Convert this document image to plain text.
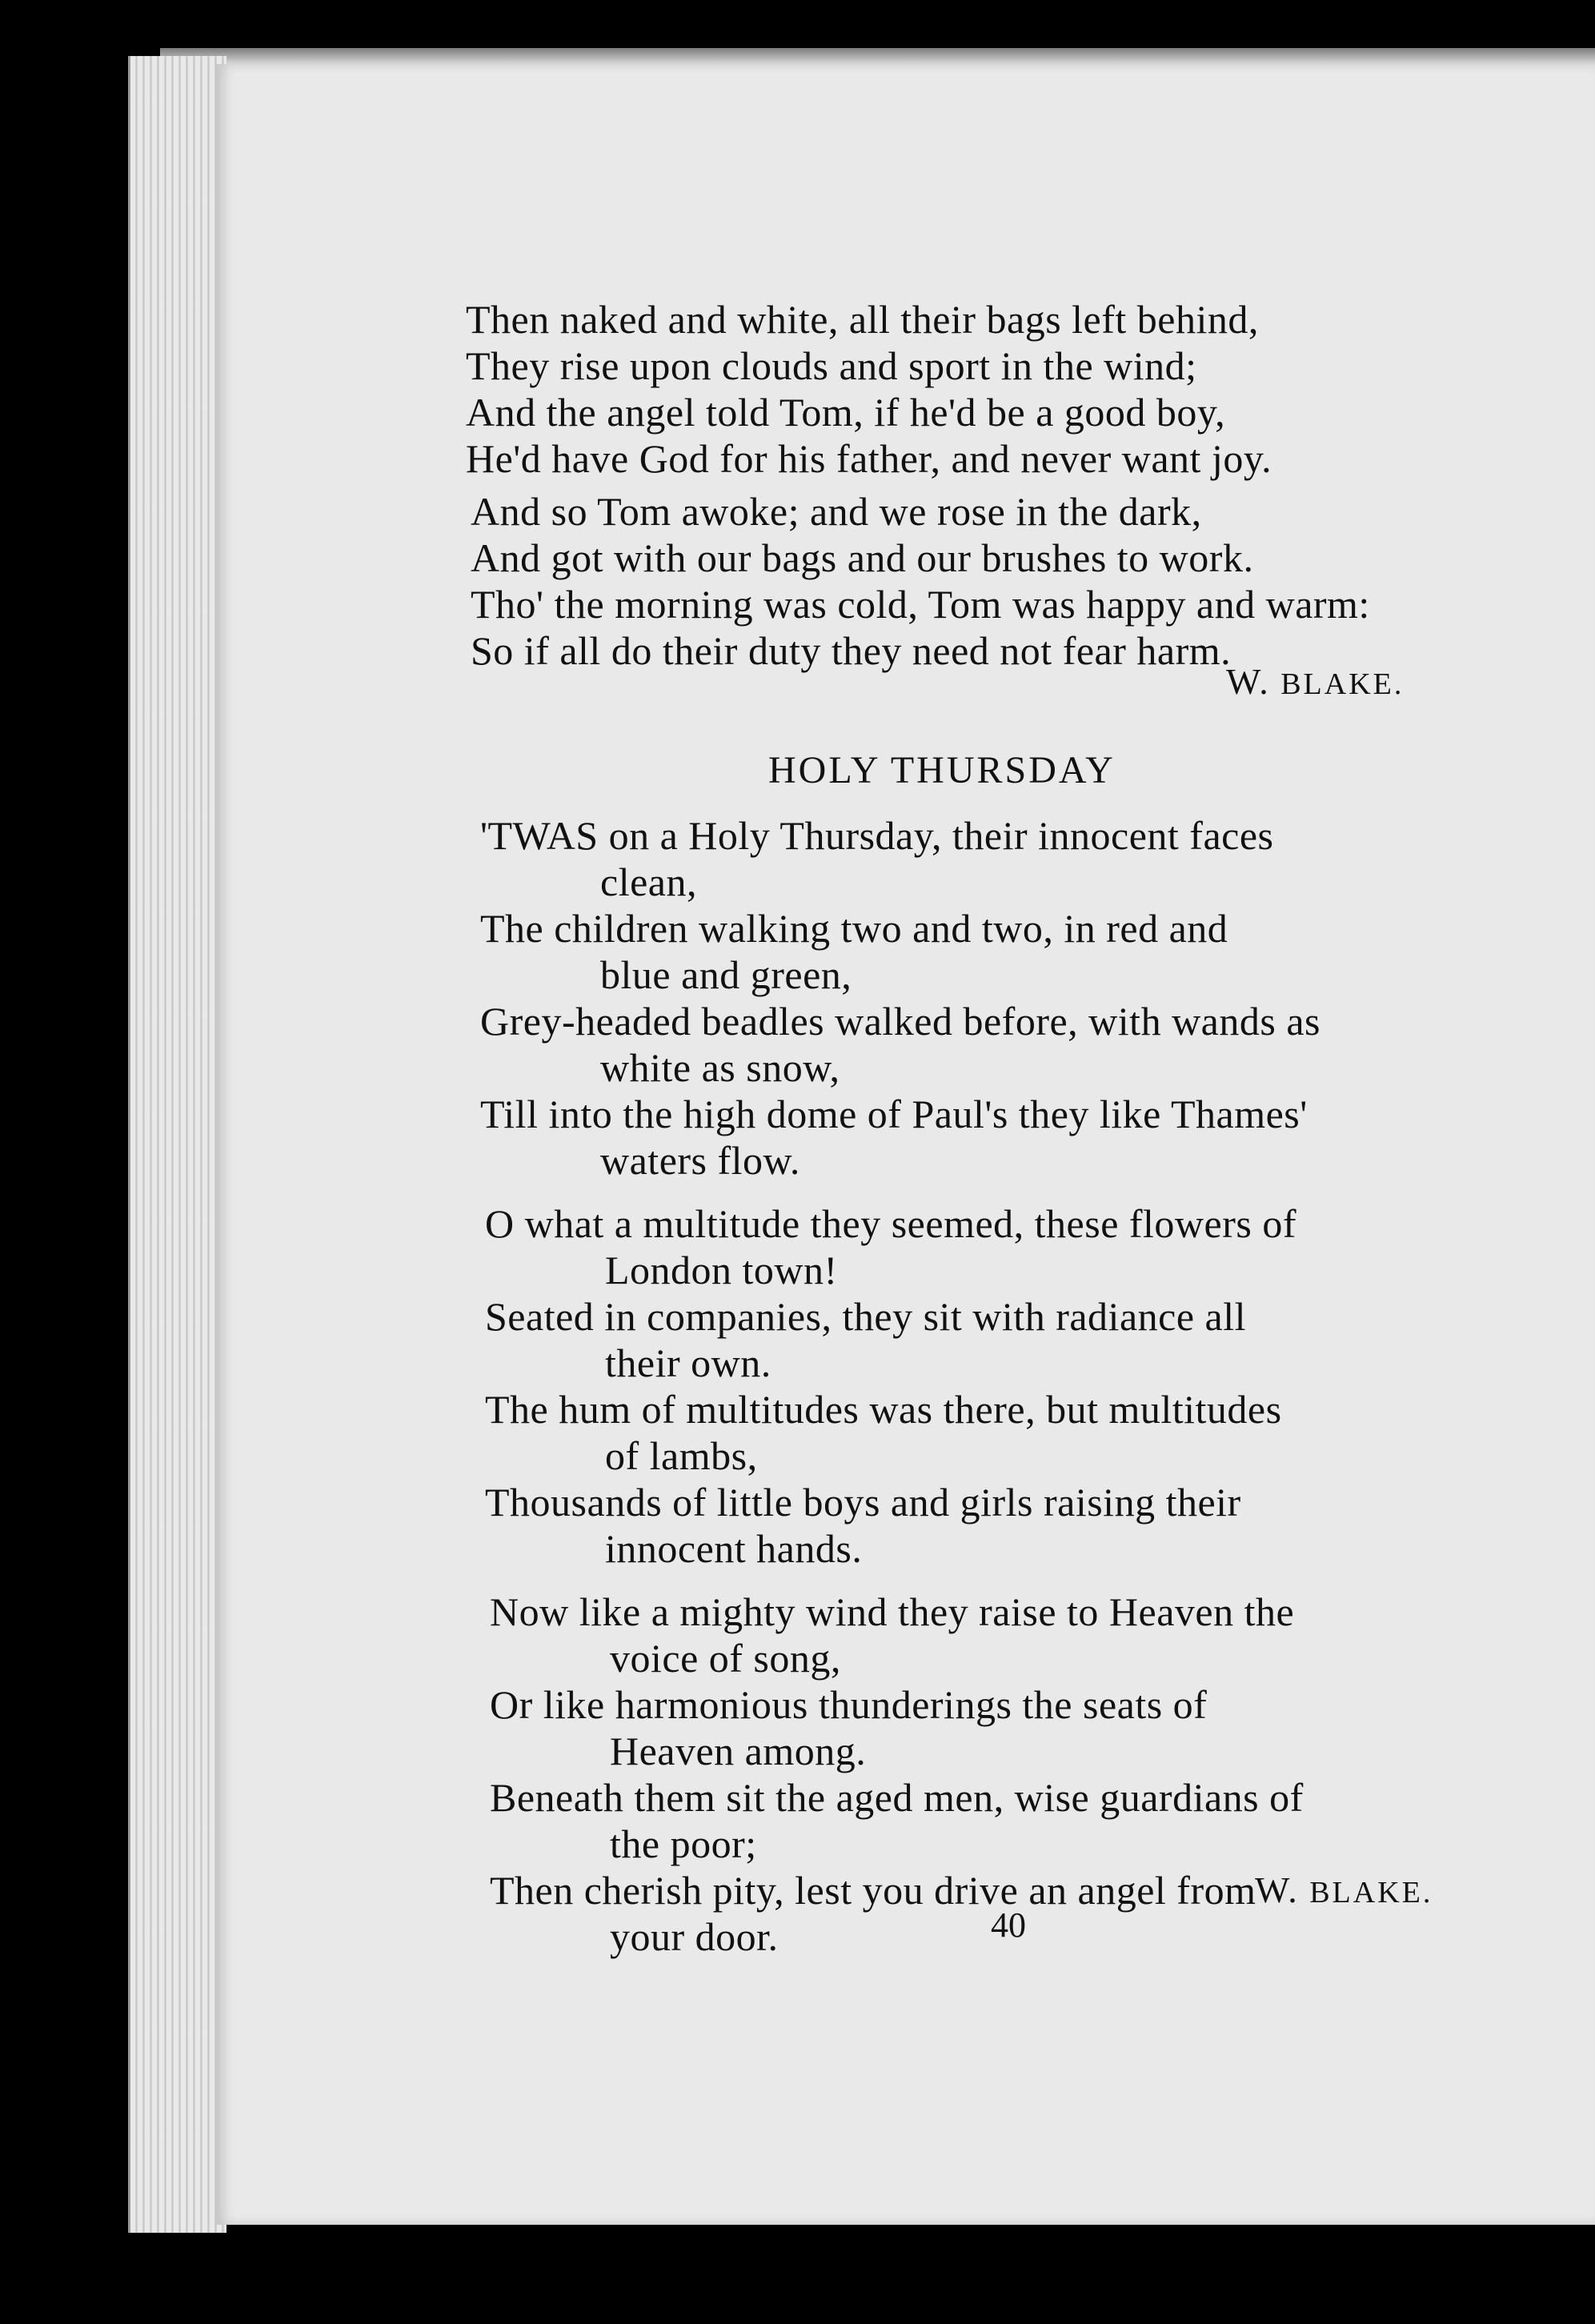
Then naked and white, all their bags left behind,
They rise upon clouds and sport in the wind;
And the angel told Tom, if he'd be a good boy,
He'd have God for his father, and never want joy.
And so Tom awoke; and we rose in the dark,
And got with our bags and our brushes to work.
Tho' the morning was cold, Tom was happy and warm:
So if all do their duty they need not fear harm.
W. BLAKE.
HOLY THURSDAY
'TWAS on a Holy Thursday, their innocent faces
clean,
The children walking two and two, in red and
blue and green,
Grey-headed beadles walked before, with wands as
white as snow,
Till into the high dome of Paul's they like Thames'
waters flow.
O what a multitude they seemed, these flowers of
London town!
Seated in companies, they sit with radiance all
their own.
The hum of multitudes was there, but multitudes
of lambs,
Thousands of little boys and girls raising their
innocent hands.
Now like a mighty wind they raise to Heaven the
voice of song,
Or like harmonious thunderings the seats of
Heaven among.
Beneath them sit the aged men, wise guardians of
the poor;
Then cherish pity, lest you drive an angel from
your door.
W. BLAKE.
40
